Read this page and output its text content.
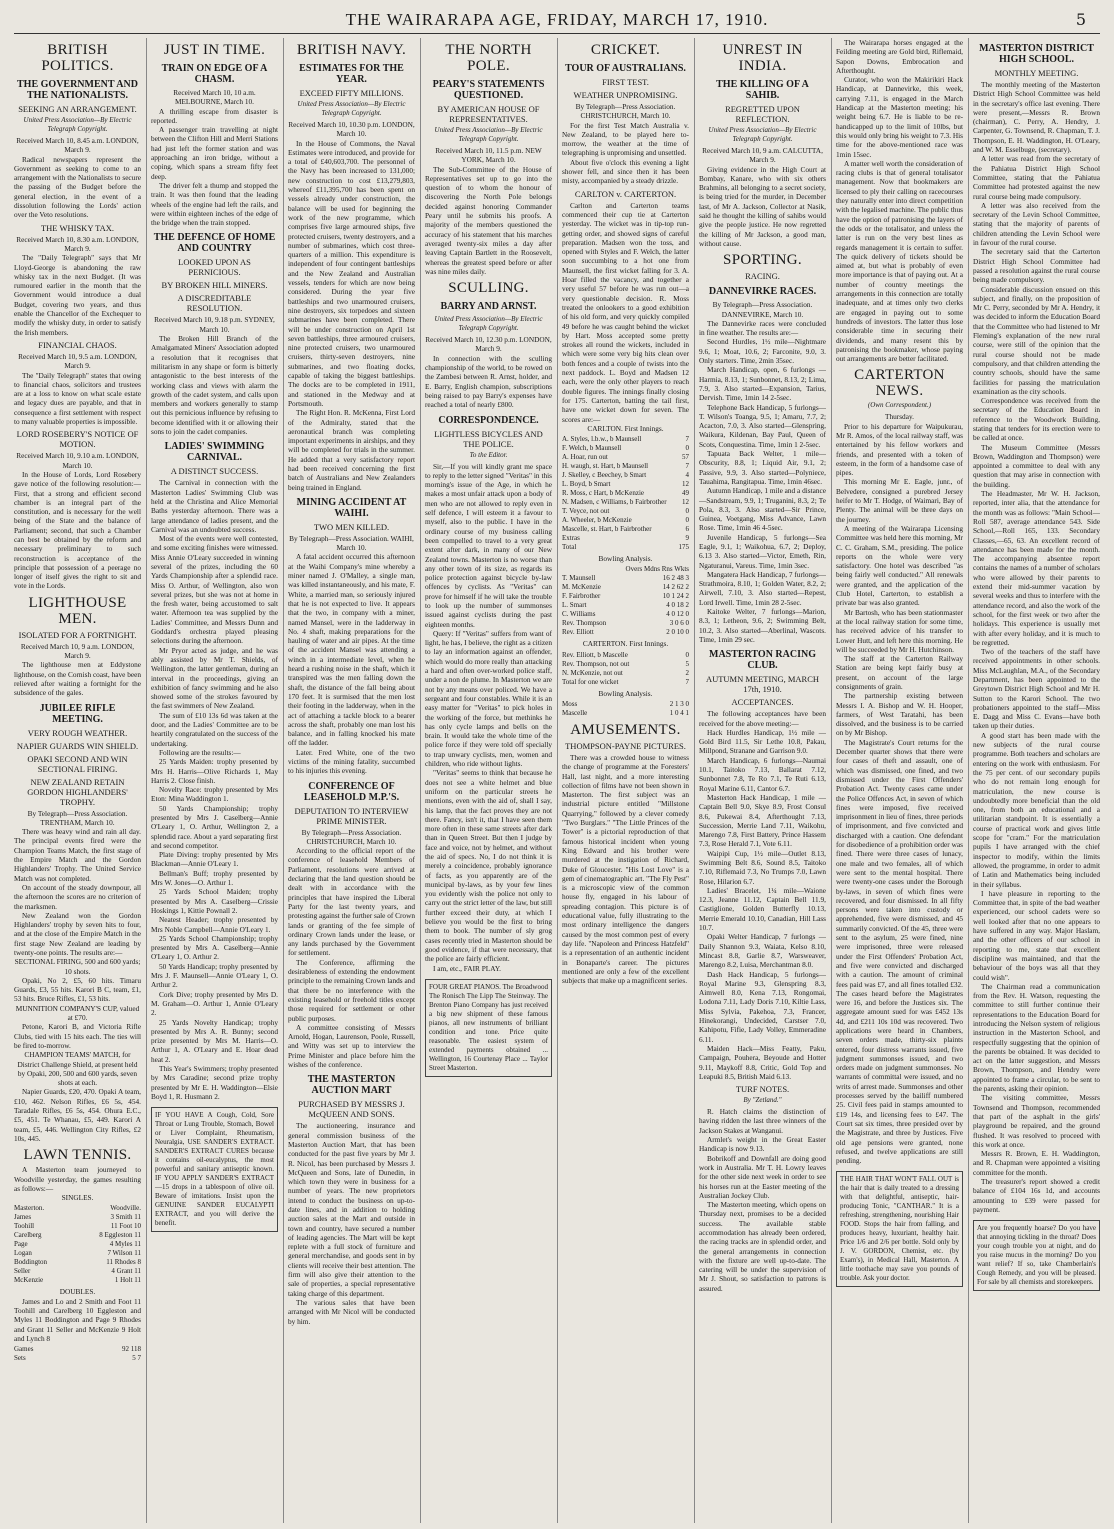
THE WAIRARAPA AGE, FRIDAY, MARCH 17, 1910.	5
BRITISH POLITICS.
THE GOVERNMENT AND THE NATIONALISTS.
SEEKING AN ARRANGEMENT.
United Press Association—By Electric Telegraph Copyright.

Received March 10, 8.45 a.m. LONDON, March 9.

Radical newspapers represent the Government as seeking to come to an arrangement with the Nationalists to secure the passing of the Budget before the general election, in the event of a dissolution following the Lords' action over the Veto resolutions.

THE WHISKY TAX.

Received March 10, 8.30 a.m. LONDON, March 9.

The "Daily Telegraph" says that Mr Lloyd-George is abandoning the raw whisky tax in the next Budget. (It was rumoured earlier in the month that the Government would introduce a dual Budget, covering two years, and thus enable the Chancellor of the Exchequer to modify the whisky duty, in order to satisfy the Irish members.

FINANCIAL CHAOS.

Received March 10, 9.5 a.m. LONDON, March 9.

The "Daily Telegraph" states that owing to financial chaos, solicitors and trustees are at a loss to know on what scale estate and legacy dues are payable, and that in consequence a first settlement with respect to many valuable properties is impossible.

LORD ROSEBERY'S NOTICE OF MOTION.

Received March 10, 9.10 a.m. LONDON, March 10.

In the House of Lords, Lord Rosebery gave notice of the following resolution:—First, that a strong and efficient second chamber is an integral part of the constitution, and is necessary for the well being of the State and the balance of Parliament; second, that such a Chamber can best be obtained by the reform and necessary preliminary to such reconstruction is acceptance of the principle that possession of a peerage no longer of itself gives the right to sit and vote in the Lords.

LIGHTHOUSE MEN.
ISOLATED FOR A FORTNIGHT.

Received March 10, 9 a.m. LONDON, March 9.

The lighthouse men at Eddystone lighthouse, on the Cornish coast, have been relieved after waiting a fortnight for the subsidence of the gales.

JUBILEE RIFLE MEETING.
VERY ROUGH WEATHER.
NAPIER GUARDS WIN SHIELD.
OPAKI SECOND AND WIN SECTIONAL FIRING.
NEW ZEALAND RETAIN GORDON HIGHLANDERS' TROPHY.

By Telegraph—Press Association. TRENTHAM, March 10.

There was heavy wind and rain all day. The principal events fired were the Champion Teams Match, the first stage of the Empire Match and the Gordon Highlanders' Trophy. The United Service Match was not completed.

On account of the steady downpour, all the afternoon the scores are no criterion of the marksmen.

New Zealand won the Gordon Highlanders' trophy by seven hits to four, and at the close of the Empire Match in the first stage New Zealand are leading by twenty-one points. The results are:—

SECTIONAL FIRING, 500 and 600 yards; 10 shots.

Opaki, No 2, £5, 60 hits. Timaru Guards, £3, 55 hits. Karori B C, team, £1, 53 hits. Bruce Rifles, £1, 53 hits.

MUNNITION COMPANY'S CUP, valued at £70.

Petone, Karori B, and Victoria Rifle Clubs, tied with 15 hits each. The ties will be fired to-morrow.

CHAMPION TEAMS' MATCH, for District Challenge Shield, at present held by Opaki, 200, 500 and 600 yards, seven shots at each.

Napier Guards, £20, 470. Opaki A team, £10, 462. Nelson Rifles, £6 5s, 454. Taradale Rifles, £6 5s, 454. Ohura E.C., £5, 451. Te Whanau, £5, 449. Karori A team, £5, 446. Wellington City Rifles, £2 10s, 445.

LAWN TENNIS.

A Masterton team journeyed to Woodville yesterday, the games resulting as follows:—

SINGLES.

Masterton.	Woodville.
James	3 Smith 11
Toohill	11 Foot 10
Carelberg	8 Eggleston 11
Page	4 Myles 11
Logan	7 Wilson 11
Boddington	11 Rhodes 8
Seller	4 Grant 11
McKenzie	1 Holt 11

DOUBLES.

James and Lo and 2 Smith and Foot 11 Toohill and Carelberg 10 Eggleston and Myles 11 Boddington and Page 9 Rhodes and Grant 11 Seller and McKenzie 9 Holt and Lynch 8

Games	92 118
Sets	5 7
JUST IN TIME.
TRAIN ON EDGE OF A CHASM.

Received March 10, 10 a.m. MELBOURNE, March 10.

A thrilling escape from disaster is reported.

A passenger train travelling at night between the Clifton Hill and Merri Stations had just left the former station and was approaching an iron bridge, without a coping, which spans a stream fifty feet deep.

The driver felt a thump and stopped the train. It was then found that the leading wheels of the engine had left the rails, and were within eighteen inches of the edge of the bridge when the train stopped.

THE DEFENCE OF HOME AND COUNTRY
LOOKED UPON AS PERNICIOUS.
BY BROKEN HILL MINERS.
A DISCREDITABLE RESOLUTION.

Received March 10, 9.18 p.m. SYDNEY, March 10.

The Broken Hill Branch of the Amalgamated Miners' Association adopted a resolution that it recognises that militarism in any shape or form is bitterly antagonistic to the best interests of the working class and views with alarm the growth of the cadet system, and calls upon members and workers generally to stamp out this pernicious influence by refusing to become identified with it or allowing their sons to join the cadet companies.

LADIES' SWIMMING CARNIVAL.
A DISTINCT SUCCESS.

The Carnival in connection with the Masterton Ladies' Swimming Club was held at the Christina and Alice Memorial Baths yesterday afternoon. There was a large attendance of ladies present, and the Carnival was an undoubted success.

Most of the events were well contested, and some exciting finishes were witnessed. Miss Annie O'Leary succeeded in winning several of the prizes, including the 60 Yards Championship after a splendid race. Miss O. Arthur, of Wellington, also won several prizes, but she was not at home in the fresh water, being accustomed to salt water. Afternoon tea was supplied by the Ladies' Committee, and Messrs Dunn and Goddard's orchestra played pleasing selections during the afternoon.

Mr Pryor acted as judge, and he was ably assisted by Mr T. Shields, of Wellington, the latter gentleman, during an interval in the proceedings, giving an exhibition of fancy swimming and he also showed some of the strokes favoured by the fast swimmers of New Zealand.

The sum of £10 13s 6d was taken at the door, and the Ladies' Committee are to be heartily congratulated on the success of the undertaking.

Following are the results:—

25 Yards Maiden: trophy presented by Mrs H. Harris—Olive Richards 1, May Harris 2. Close finish.

Novelty Race: trophy presented by Mrs Eton: Mina Waddington 1.

50 Yards Championship; trophy presented by Mrs J. Caselberg—Annie O'Leary 1, O. Arthur, Wellington 2, a splendid race. About a yard separating first and second competitor.

Plate Diving: trophy presented by Mrs Blackman—Annie O'Leary 1.

Bellman's Buff; trophy presented by Mrs W. Jones—O. Arthur 1.

25 Yards School Maiden; trophy presented by Mrs A. Caselberg—Crissie Hoskings 1, Kittie Pownall 2.

Neatest Header; trophy presented by Mrs Noble Campbell—Annie O'Leary 1.

25 Yards School Championship; trophy presented by Mrs A. Caselberg—Annie O'Leary 1, O. Arthur 2.

50 Yards Handicap; trophy presented by Mrs J. F. Maunsell—Annie O'Leary 1, O. Arthur 2.

Cork Dive; trophy presented by Mrs D. M. Graham—O. Arthur 1, Annie O'Leary 2.

25 Yards Novelty Handicap; trophy presented by Mrs A. R. Bunny; second prize presented by Mrs M. Harris—O. Arthur 1, A. O'Leary and E. Hoar dead heat 2.

This Year's Swimmers; trophy presented by Mrs Caradine; second prize trophy presented by Mr E. H. Waddington—Elsie Boyd 1, R. Husmann 2.

IF YOU HAVE A Cough, Cold, Sore Throat or Lung Trouble, Stomach, Bowel or Liver Complaint, Rheumatism, Neuralgia, USE SANDER'S EXTRACT. SANDER'S EXTRACT CURES because it contains oil-eucalyptus, the most powerful and sanitary antiseptic known. IF YOU APPLY SANDER'S EXTRACT—15 drops in a tablespoon of olive oil. Beware of imitations. Insist upon the GENUINE SANDER EUCALYPTI EXTRACT, and you will derive the benefit.
BRITISH NAVY.
ESTIMATES FOR THE YEAR.
EXCEED FIFTY MILLIONS.
United Press Association—By Electric Telegraph Copyright.

Received March 10, 10.30 p.m. LONDON, March 10.

In the House of Commons, the Naval Estimates were introduced, and provide for a total of £40,603,700. The personnel of the Navy has been increased to 131,000; new construction to cost £13,279,803, whereof £11,395,700 has been spent on vessels already under construction, the balance will be used for beginning the work of the new programme, which comprises five large armoured ships, five protected cruisers, twenty destroyers, and a number of submarines, which cost three-quarters of a million. This expenditure is independent of four contingent battleships and the New Zealand and Australian vessels, tenders for which are now being considered. During the year five battleships and two unarmoured cruisers, nine destroyers, six torpedoes and sixteen submarines have been completed. There will be under construction on April 1st seven battleships, three armoured cruisers, nine protected cruisers, two unarmoured cruisers, thirty-seven destroyers, nine submarines, and two floating docks, capable of taking the biggest battleships. The docks are to be completed in 1911, and stationed in the Medway and at Portsmouth.

The Right Hon. R. McKenna, First Lord of the Admiralty, stated that the aeronautical branch was completing important experiments in airships, and they will be completed for trials in the summer. He added that a very satisfactory report had been received concerning the first batch of Australians and New Zealanders being trained in England.

MINING ACCIDENT AT WAIHI.
TWO MEN KILLED.

By Telegraph—Press Association. WAIHI, March 10.

A fatal accident occurred this afternoon at the Waihi Company's mine whereby a miner named J. O'Malley, a single man, was killed instantaneously, and his mate, F. White, a married man, so seriously injured that he is not expected to live. It appears that the two, in company with a miner, named Mansel, were in the ladderway in No. 4 shaft, making preparations for the hauling of water and air pipes. At the time of the accident Mansel was attending a winch in a intermediate level, when he heard a rushing noise in the shaft, which it transpired was the men falling down the shaft, the distance of the fall being about 170 feet. It is surmised that the men lost their footing in the ladderway, when in the act of attaching a tackle block to a bearer across the shaft, probably one man lost his balance, and in falling knocked his mate off the ladder.

Later. Fred White, one of the two victims of the mining fatality, succumbed to his injuries this evening.

CONFERENCE OF LEASEHOLD M.P.'S.
DEPUTATION TO INTERVIEW PRIME MINISTER.

By Telegraph—Press Association. CHRISTCHURCH, March 10.

According to the official report of the conference of leasehold Members of Parliament, resolutions were arrived at declaring that the land question should be dealt with in accordance with the principles that have inspired the Liberal Party for the last twenty years, and protesting against the further sale of Crown lands or granting of the fee simple of ordinary Crown lands under the lease, or any lands purchased by the Government for settlement.

The Conference, affirming the desirableness of extending the endowment principle to the remaining Crown lands and that there be no interference with the existing leasehold or freehold titles except those required for settlement or other public purposes.

A committee consisting of Messrs Arnold, Hogan, Laurenson, Poole, Russell, and Witty was set up to interview the Prime Minister and place before him the wishes of the conference.

THE MASTERTON AUCTION MART
PURCHASED BY MESSRS J. McQUEEN AND SONS.

The auctioneering, insurance and general commission business of the Masterton Auction Mart, that has been conducted for the past five years by Mr J. R. Nicol, has been purchased by Messrs J. McQueen and Sons, late of Dunedin, in which town they were in business for a number of years. The new proprietors intend to conduct the business on up-to-date lines, and in addition to holding auction sales at the Mart and outside in town and country, have secured a number of leading agencies. The Mart will be kept replete with a full stock of furniture and general merchandise, and goods sent in by clients will receive their best attention. The firm will also give their attention to the sale of properties, a special representative taking charge of this department.

The various sales that have been arranged with Mr Nicol will be conducted by him.

THE NORTH POLE.
PEARY'S STATEMENTS QUESTIONED.
BY AMERICAN HOUSE OF REPRESENTATIVES.
United Press Association—By Electric Telegraph Copyright.

Received March 10, 11.5 p.m. NEW YORK, March 10.

The Sub-Committee of the House of Representatives set up to go into the question of to whom the honour of discovering the North Pole belongs decided against honoring Commander Peary until he submits his proofs. A majority of the members questioned the accuracy of his statement that his marches averaged twenty-six miles a day after leaving Captain Bartlett in the Roosevelt, whereas the greatest speed before or after was nine miles daily.

SCULLING.
BARRY AND ARNST.
United Press Association—By Electric Telegraph Copyright.

Received March 10, 12.30 p.m. LONDON, March 9.

In connection with the sculling championship of the world, to be rowed on the Zambesi between R. Arnst, holder, and E. Barry, English champion, subscriptions being raised to pay Barry's expenses have reached a total of nearly £800.

CORRESPONDENCE.
LIGHTLESS BICYCLES AND THE POLICE.
To the Editor.

Sir,—If you will kindly grant me space to reply to the letter signed "Veritas" in this morning's issue of the Age, in which he makes a most unfair attack upon a body of men who are not allowed to reply even in self defence, I will esteem it a favour to myself, also to the public. I have in the ordinary course of my business calling been compelled to travel to a very great extent after dark, in many of our New Zealand towns. Masterton is no worse than any other town of its size, as regards its police protection against bicycle by-law offences by cyclists. As "Veritas" can prove for himself if he will take the trouble to look up the number of summonses issued against cyclists during the past eighteen months.

Query: If "Veritas" suffers from want of light, he has, I believe, the right as a citizen to lay an information against an offender, which would do more really than attacking a hard and often over-worked police staff, under a non de plume. In Masterton we are not by any means over policed. We have a sergeant and four constables. While it is an easy matter for "Veritas" to pick holes in the working of the force, but methinks he has only cycle lamps and bells on the brain. It would take the whole time of the police force if they were told off specially to trap unwary cyclists, men, women and children, who ride without lights.

"Veritas" seems to think that because he does not see a white helmet and blue uniform on the particular streets he mentions, even with the aid of, shall I say, his lamp, that the fact proves they are not there. Fancy, isn't it, that I have seen them more often in these same streets after dark than in Queen Street. But then I judge by face and voice, not by helmet, and without the aid of specs. No, I do not think it is merely a coincidence, probably ignorance of facts, as you apparently are of the municipal by-laws, as by your few lines you evidently wish the police not only to carry out the strict letter of the law, but still further exceed their duty, at which I believe you would be the first to bring them to book. The number of sly grog cases recently tried in Masterton should be good evidence, if that were necessary, that the police are fairly efficient.

I am, etc., FAIR PLAY.

FOUR GREAT PIANOS. The Broadwood The Ronisch The Lipp The Steinway. The Brenton Piano Company has just received a big new shipment of these famous pianos, all new instruments of brilliant condition and tone. Price quite reasonable. The easiest system of extended payments obtained ... Wellington, 16 Courtenay Place ... Taylor Street Masterton.
CRICKET.
TOUR OF AUSTRALIANS.
FIRST TEST.
WEATHER UNPROMISING.

By Telegraph—Press Association. CHRISTCHURCH, March 10.

For the first Test Match Australia v. New Zealand, to be played here to-morrow, the weather at the time of telegraphing is unpromising and unsettled.

About five o'clock this evening a light shower fell, and since then it has been misty, accompanied by a steady drizzle.

CARLTON v. CARTERTON.

Carlton and Carterton teams commenced their cup tie at Carterton yesterday. The wicket was in tip-top run-getting order, and showed signs of careful preparation. Madsen won the toss, and opened with Styles and F. Welch, the latter soon succumbing to a hot one from Maunsell, the first wicket falling for 3. A. Hoar filled the vacancy, and together a very useful 57 before he was run out—a very questionable decision. R. Moss treated the onlookers to a good exhibition of his old form, and very quickly compiled 49 before he was caught behind the wicket by Hart. Moss accepted some pretty strokes all round the wickets, included in which were some very big hits clean over both fences and a couple of twists into the next paddock. L. Boyd and Madsen 12 each, were the only other players to reach double figures. The innings finally closing for 175. Carterton, batting the tail first, have one wicket down for seven. The scores are:—

CARLTON. First Innings.

A. Styles, l.b.w., b Maunsell	7
F. Welch, b Maunsell	0
A. Hoar, run out	57
H. waugh, st. Hart, b Maunsell	7
J. Skelley, c Beechey, b Smart	4
L. Boyd, b Smart	12
R. Moss, c Hart, b McKenzie	49
N. Madsen, c Williams, b Fairbrother 12
T. Veyce, not out	0
A. Wheeler, b McKenzie	0
Mascelle, st. Hart, b Fairbrother	6
Extras	9
Total	175

Bowling Analysis.

Overs Mdns Rns Wkts
T. Maunsell	16 2 48 3
M. McKenzie	14 2 62 2
F. Fairbrother	10 1 24 2
L. Smart	4 0 18 2
C. Williams	4 0 12 0
Rev. Thompson	3 0 6 0
Rev. Elliott	2 0 10 0

CARTERTON. First Innings.

Rev. Elliott, b Mascelle	0
Rev. Thompson, not out	5
N. McKenzie, not out	2
Total for one wicket	7

Bowling Analysis.

Moss	2 1 3 0
Mascelle	1 0 4 1
AMUSEMENTS.
THOMPSON-PAYNE PICTURES.

There was a crowded house to witness the change of programme at the Foresters' Hall, last night, and a more interesting collection of films have not been shown in Masterton. The first subject was an industrial picture entitled "Millstone Quarrying," followed by a clever comedy "Two Burglars." "The Little Princes of the Tower" is a pictorial reproduction of that famous historical incident when young King Edward and his brother were murdered at the instigation of Richard, Duke of Gloucester. "His Lost Love" is a gem of cinematographic art. "The Fly Pest" is a microscopic view of the common house fly, engaged in his labour of spreading contagion. This picture is of educational value, fully illustrating to the most ordinary intelligence the dangers caused by the most common pest of every day life. "Napoleon and Princess Hatzfeld" is a representation of an authentic incident in Bonaparte's career. The pictures mentioned are only a few of the excellent subjects that make up a magnificent series.

UNREST IN INDIA.
THE KILLING OF A SAHIB.
REGRETTED UPON REFLECTION.
United Press Association—By Electric Telegraph Copyright.

Received March 10, 9 a.m. CALCUTTA, March 9.

Giving evidence in the High Court at Bombay, Kanare, who with six others Brahmins, all belonging to a secret society, is being tried for the murder, in December last, of Mr A. Jackson, Collector at Nasik, said he thought the killing of sahibs would give the people justice. He now regretted the killing of Mr Jackson, a good man, without cause.

SPORTING.
RACING.
DANNEVIRKE RACES.

By Telegraph—Press Association. DANNEVIRKE, March 10.

The Dannevirke races were concluded in fine weather. The results are:—

Second Hurdles, 1½ mile—Nightmare 9.6, 1; Moat, 10.6, 2; Farconite, 9.0, 3. Only starters. Time, 2min 35sec.

March Handicap, open, 6 furlongs —Harmia, 8.13, 1; Sunbonnet, 8.13, 2; Lima, 7.9, 3. Also started—Expansion, Tarius, Dervish. Time, 1min 14 2-5sec.

Telephone Back Handicap, 5 furlongs—T. Wilson's Toanga, 9.5, 1; Amaru, 7.7, 2; Acacton, 7.0, 3. Also started—Glenspring, Waikura, Kildenan, Bay Paul, Queen of Scots, Conquestina. Time, 1min 1 2-5sec.

Tapuata Back Welter, 1 mile—Obscurity, 8.8, 1; Liquid Air, 9.1, 2; Passive, 9.9, 3. Also started—Polyniece, Tauahima, Rangitapua. Time, 1min 46sec.

Autumn Handicap, 1 mile and a distance—Sandstream, 9.9, 1; Truganini, 8.3, 2; Te Pola, 8.3, 3. Also started—Sir Prince, Guinea, Voetgang, Miss Advance, Lawn Rose. Time, 1min 46 4-5sec.

Juvenile Handicap, 5 furlongs—Sea Eagle, 9.1, 1; Waikohua, 6.7, 2; Deploy, 6.13 3. Also started—Victor, Emeth, Rin, Ngaturanui, Vareus. Time, 1min 3sec.

Mangatera Hack Handicap, 7 furlongs—Strathmoira, 8.10, 1; Golden Water, 8.2, 2; Airwell, 7.10, 3. Also started—Repest, Lord Irwell. Time, 1min 28 2-5sec.

Kaitoke Welter, 7 furlongs—Marion, 8.3, 1; Letheon, 9.6, 2; Swimming Belt, 10.2, 3. Also started—Aberlinal, Wascots. Time, 1min 29 sec.

MASTERTON RACING CLUB.
AUTUMN MEETING, MARCH 17th, 1910.
ACCEPTANCES.

The following acceptances have been received for the above meeting:—

Hack Hurdles Handicap, 1½ mile —Gold Bird 11.5, Sir Lethe 10.8, Pakau, Millpond, Stranane and Garrison 9.0.

March Handicap, 6 furlongs—Naumai 10.1, Taitoko 7.13, Ballarat 7.12, Sunbonnet 7.8, Te Ro 7.1, Te Ruti 6.13, Royal Marine 6.11, Cantor 6.7.

Masterton Hack Handicap, 1 mile —Captain Bell 9.0, Skye 8.9, Frost Consul 8.6, Pukewai 8.4, Afterthought 7.13, Succession, Merrie Land 7.11, Waikohu, Marengo 7.8, First Battery, Prince Hassem 7.3, Rose Herald 7.1, Vote 6.11.

Waipipi Cup, 1½ mile—Outlet 8.13, Swimming Belt 8.6, Sound 8.5, Taitoko 7.10, Riflemaid 7.3, No Trumps 7.0, Lawn Rose, Hilarion 6.7.

Ladies' Bracelet, 1¼ mile—Waione 12.3, Jeanne 11.12, Captain Bell 11.9, Castiglione, Golden Butterfly 10.13, Merrie Emerald 10.10, Canadian, Hill Lass 10.7.

Opaki Welter Handicap, 7 furlongs —Daily Shannon 9.3, Waiata, Kelso 8.10, Mincast 8.8, Garlie 8.7, Warsweaver, Marengo 8.2, Luisa, Merchantman 8.0.

Dash Hack Handicap, 5 furlongs—Royal Marine 9.3, Glenspring 8.3, Aimwell 8.0, Kena 7.13, Rongomai, Lodona 7.11, Lady Doris 7.10, Kiltie Lass, Miss Sylvia, Pakehoa, 7.3, Francer, Hinekorangi, Undecided, Carstser 7.0, Kahipotu, Fifie, Lady Volley, Emmeradine 6.11.

Maiden Hack—Miss Featty, Paku, Campaign, Pouhera, Beyoude and Hotter 9.11, Maykoff 8.8, Critic, Gold Top and Leapuki 8.5, British Maid 6.13.

TURF NOTES.
By "Zetland."

R. Hatch claims the distinction of having ridden the last three winners of the Jackson Stakes at Wanganui.

Armlet's weight in the Great Easter Handicap is now 9.13.

Bobrikoff and Downfall are doing good work in Australia. Mr T. H. Lowry leaves for the other side next week in order to see his horses run at the Easter meeting of the Australian Jockey Club.

The Masterton meeting, which opens on Thursday next, promises to be a decided success. The available stable accommodation has already been ordered, the racing tracks are in splendid order, and the general arrangements in connection with the fixture are well up-to-date. The catering will be under the supervision of Mr J. Shout, so satisfaction to patrons is assured.

The Wairarapa horses engaged at the Feilding meeting are Gold bird, Riflemaid, Sapon Downs, Embrocation and Afterthought.

Curator, who won the Makirikiri Hack Handicap, at Dannevirke, this week, carrying 7.11, is engaged in the March Handicap at the Masterton meeting; his weight being 6.7. He is liable to be re-handicapped up to the limit of 10lbs, but this would only bring his weight to 7.3. His time for the above-mentioned race was 1min 15sec.

A matter well worth the consideration of racing clubs is that of general totalisator management. Now that bookmakers are licensed to ply their calling on racecourses they naturally enter into direct competition with the legalised machine. The public thus have the option of patronising the layers of the odds or the totalisator, and unless the latter is run on the very best lines as regards management it is certain to suffer. The quick delivery of tickets should be aimed at, but what is probably of even more importance is that of paying out. At a number of country meetings the arrangements in this connection are totally inadequate, and at times only two clerks are engaged in paying out to some hundreds of investors. The latter thus lose considerable time in securing their dividends, and many resent this by patronising the bookmaker, whose paying out arrangements are better facilitated.

CARTERTON NEWS.
(Own Correspondent.)

Thursday.

Prior to his departure for Waipukurau, Mr R. Amos, of the local railway staff, was entertained by his fellow workers and friends, and presented with a token of esteem, in the form of a handsome case of pipes.

This morning Mr E. Eagle, junr., of Belvedere, consigned a purebred Jersey heifer to Mr T. Hodge, of Waimari, Bay of Plenty. The animal will be three days on the journey.

A meeting of the Wairarapa Licensing Committee was held here this morning, Mr C. C. Graham, S.M., presiding. The police reports on the whole were very satisfactory. One hotel was described "as being fairly well conducted." All renewals were granted, and the application of the Club Hotel, Carterton, to establish a private bar was also granted.

Mr Bartosh, who has been stationmaster at the local railway station for some time, has received advice of his transfer to Lower Hutt, and left here this morning. He will be succeeded by Mr H. Hutchinson.

The staff at the Carterton Railway Station are being kept fairly busy at present, on account of the large consignments of grain.

The partnership existing between Messrs I. A. Bishop and W. H. Hooper, farmers, of West Taratahi, has been dissolved, and the business is to be carried on by Mr Bishop.

The Magistrate's Court returns for the December quarter shows that there were four cases of theft and assault, one of which was dismissed, one fined, and two dismissed under the First Offenders' Probation Act. Twenty cases came under the Police Offences Act, in seven of which fines were imposed, five received imprisonment in lieu of fines, three periods of imprisonment, and five convicted and discharged with a caution. One defendant for disobedience of a prohibition order was fined. There were three cases of lunacy, one male and two females, all of which were sent to the mental hospital. There were twenty-one cases under the Borough by-laws, in seven of which fines were recovered, and four dismissed. In all fifty persons were taken into custody or apprehended, five were dismissed, and 45 summarily convicted. Of the 45, three were sent to the asylum, 25 were fined, nine were imprisoned, three were released under the First Offenders' Probation Act, and five were convicted and discharged with a caution. The amount of criminal fees paid was £7, and all fines totalled £32. The cases heard before the Magistrates were 16, and before the Justices six. The aggregate amount sued for was £452 13s 4d, and £211 10s 10d was recovered. Two applications were heard in Chambers, seven orders made, thirty-six plaints entered, four distress warrants issued, five judgment summonses issued, and two orders made on judgment summonses. No warrants of committal were issued, and no writs of arrest made. Summonses and other processes served by the bailiff numbered 25. Civil fees paid in stamps amounted to £19 14s, and licensing fees to £47. The Court sat six times, three presided over by the Magistrate, and three by Justices. Five old age pensions were granted, none refused, and twelve applications are still pending.

THE HAIR THAT WON'T FALL OUT is the hair that is daily treated to a dressing with that delightful, antiseptic, hair-producing Tonic, "CANTHAR." It is a refreshing, strengthening, nourishing Hair FOOD. Stops the hair from falling, and produces heavy, luxuriant, healthy hair. Price 1/6 and 2/6 per bottle. Sold only by J. V. GORDON, Chemist, etc. (by Exam's), in Medical Hall, Masterton. A little toothache may save you pounds of trouble. Ask your doctor.
MASTERTON DISTRICT HIGH SCHOOL.
MONTHLY MEETING.

The monthly meeting of the Masterton District High School Committee was held in the secretary's office last evening. There were present,—Messrs R. Brown (chairman), C. Perry, A. Hendry, J. Carpenter, G. Townsend, R. Chapman, T. J. Thompson, E. H. Waddington, H. O'Leary, and W. M. Esselbuge, (secretary).

A letter was read from the secretary of the Pahiatua District High School Committee, stating that the Pahiatua Committee had protested against the new rural course being made compulsory.

A letter was also received from the secretary of the Levin School Committee, stating that the majority of parents of children attending the Levin School were in favour of the rural course.

The secretary said that the Carterton District High School Committee had passed a resolution against the rural course being made compulsory.

Considerable discussion ensued on this subject, and finally, on the proposition of Mr C. Perry, seconded by Mr A. Hendry, it was decided to inform the Education Board that the Committee who had listened to Mr Fleming's explanation of the new rural course, were still of the opinion that the rural course should not be made compulsory, and that children attending the country schools, should have the same facilities for passing the matriculation examination as the city schools.

Correspondence was received from the secretary of the Education Board in reference to the Woodwork Building, stating that tenders for its erection were to be called at once.

The Museum Committee (Messrs Brown, Waddington and Thompson) were appointed a committee to deal with any question that may arise in connection with the building.

The Headmaster, Mr W. H. Jackson, reported, inter alia, that the attendance for the month was as follows: "Main School—Roll 587, average attendance 543. Side School,—Roll 165, 133. Secondary Classes,—65, 63. An excellent record of attendance has been made for the month. The accompanying absentee report contains the names of a number of scholars who were allowed by their parents to extend their mid-summer vacation by several weeks and thus to interfere with the attendance record, and also the work of the school, for the first week or two after the holidays. This experience is usually met with after every holiday, and it is much to be regretted.

Two of the teachers of the staff have received appointments in other schools. Miss McLaughlan, M.A., of the Secondary Department, has been appointed to the Greytown District High School and Mr H. Sutton to the Karori School. The two probationers appointed to the staff—Miss E. Dagg and Miss C. Evans—have both taken up their duties.

A good start has been made with the new subjects of the rural course programme. Both teachers and scholars are entering on the work with enthusiasm. For the 75 per cent. of our secondary pupils who do not remain long enough for matriculation, the new course is undoubtedly more beneficial than the old one, from both an educational and a utilitarian standpoint. It is essentially a course of practical work and gives little scope for "cram." For the matriculation pupils I have arranged with the chief inspector to modify, within the limits allowed, the programme, in order to admit of Latin and Mathematics being included in their syllabus.

I have pleasure in reporting to the Committee that, in spite of the bad weather experienced, our school cadets were so well looked after that no one appears to have suffered in any way. Major Haslam, and the other officers of our school in reporting to me, state that excellent discipline was maintained, and that the behaviour of the boys was all that they could wish".

The Chairman read a communication from the Rev. H. Watson, requesting the committee to still further continue their representations to the Education Board for introducing the Nelson system of religious instruction in the Masterton School, and respectfully suggesting that the opinion of the parents be obtained. It was decided to act on the latter suggestion, and Messrs Brown, Thompson, and Hendry were appointed to frame a circular, to be sent to the parents, asking their opinion.

The visiting committee, Messrs Townsend and Thompson, recommended that part of the asphalt in the girls' playground be repaired, and the ground flushed. It was resolved to proceed with this work at once.

Messrs R. Brown, E. H. Waddington, and R. Chapman were appointed a visiting committee for the month.

The treasurer's report showed a credit balance of £104 16s 1d, and accounts amounting to £39 were passed for payment.

Are you frequently hoarse? Do you have that annoying tickling in the throat? Does your cough trouble you at night, and do you raise mucus in the morning? Do you want relief? If so, take Chamberlain's Cough Remedy, and you will be pleased. For sale by all chemists and storekeepers.
